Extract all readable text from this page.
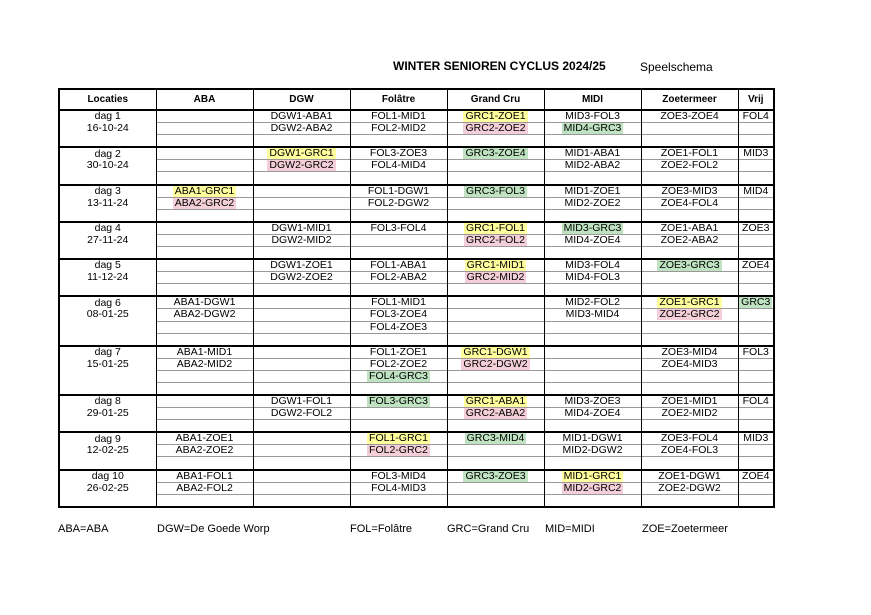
WINTER SENIOREN CYCLUS 2024/25	Speelschema
Locaties	ABA	DGW	Folâtre	Grand Cru	MIDI	Zoetermeer	Vrij
dag 1		DGW1-ABA1	FOL1-MID1	GRC1-ZOE1	MID3-FOL3	ZOE3-ZOE4	FOL4
16-10-24		DGW2-ABA2	FOL2-MID2	GRC2-ZOE2	MID4-GRC3		

dag 2		DGW1-GRC1	FOL3-ZOE3	GRC3-ZOE4	MID1-ABA1	ZOE1-FOL1	MID3
30-10-24		DGW2-GRC2	FOL4-MID4		MID2-ABA2	ZOE2-FOL2	

dag 3	ABA1-GRC1		FOL1-DGW1	GRC3-FOL3	MID1-ZOE1	ZOE3-MID3	MID4
13-11-24	ABA2-GRC2		FOL2-DGW2		MID2-ZOE2	ZOE4-FOL4	

dag 4		DGW1-MID1	FOL3-FOL4	GRC1-FOL1	MID3-GRC3	ZOE1-ABA1	ZOE3
27-11-24		DGW2-MID2		GRC2-FOL2	MID4-ZOE4	ZOE2-ABA2	

dag 5		DGW1-ZOE1	FOL1-ABA1	GRC1-MID1	MID3-FOL4	ZOE3-GRC3	ZOE4
11-12-24		DGW2-ZOE2	FOL2-ABA2	GRC2-MID2	MID4-FOL3		

dag 6	ABA1-DGW1		FOL1-MID1		MID2-FOL2	ZOE1-GRC1	GRC3
08-01-25	ABA2-DGW2		FOL3-ZOE4		MID3-MID4	ZOE2-GRC2	
			FOL4-ZOE3				

dag 7	ABA1-MID1		FOL1-ZOE1	GRC1-DGW1		ZOE3-MID4	FOL3
15-01-25	ABA2-MID2		FOL2-ZOE2	GRC2-DGW2		ZOE4-MID3	
			FOL4-GRC3				

dag 8		DGW1-FOL1	FOL3-GRC3	GRC1-ABA1	MID3-ZOE3	ZOE1-MID1	FOL4
29-01-25		DGW2-FOL2		GRC2-ABA2	MID4-ZOE4	ZOE2-MID2	

dag 9	ABA1-ZOE1		FOL1-GRC1	GRC3-MID4	MID1-DGW1	ZOE3-FOL4	MID3
12-02-25	ABA2-ZOE2		FOL2-GRC2		MID2-DGW2	ZOE4-FOL3	

dag 10	ABA1-FOL1		FOL3-MID4	GRC3-ZOE3	MID1-GRC1	ZOE1-DGW1	ZOE4
26-02-25	ABA2-FOL2		FOL4-MID3		MID2-GRC2	ZOE2-DGW2	

ABA=ABA	DGW=De Goede Worp	FOL=Folâtre	GRC=Grand Cru MID=MIDI	ZOE=Zoetermeer
